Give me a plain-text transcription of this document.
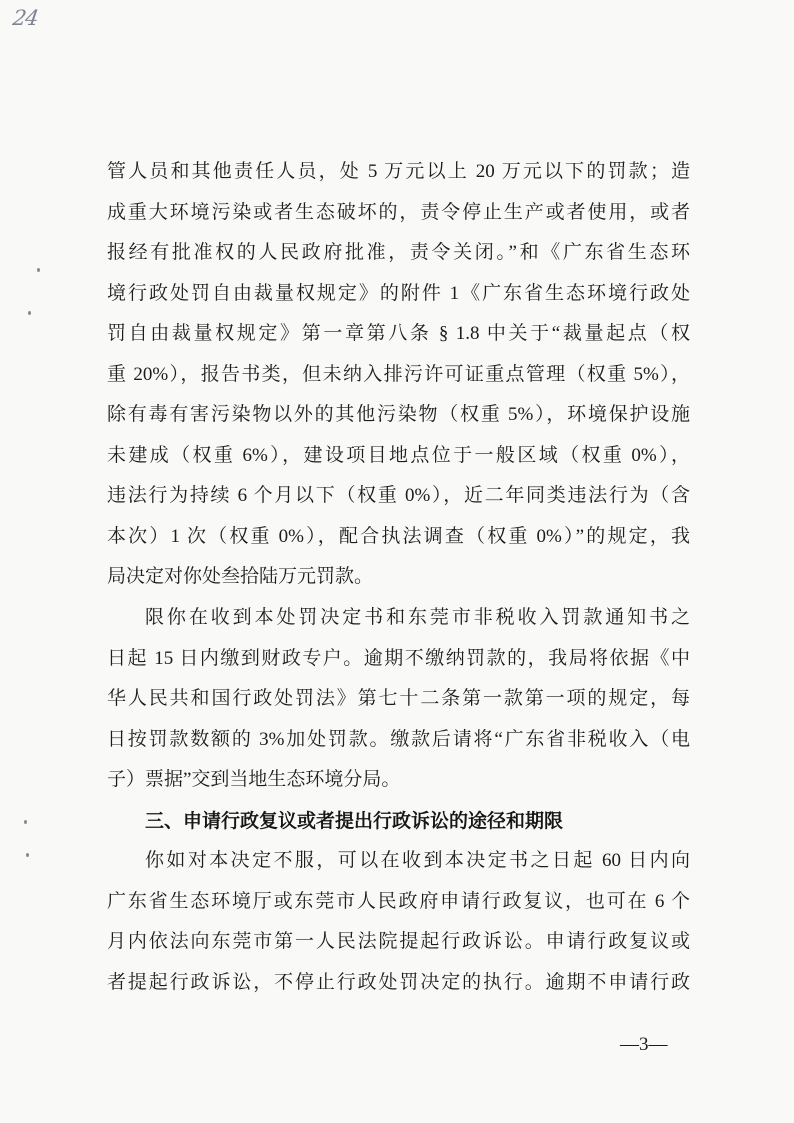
24
管人员和其他责任人员，处 5 万元以上 20 万元以下的罚款；造
成重大环境污染或者生态破坏的，责令停止生产或者使用，或者
报经有批准权的人民政府批准，责令关闭。”和《广东省生态环
境行政处罚自由裁量权规定》的附件 1《广东省生态环境行政处
罚自由裁量权规定》第一章第八条 § 1.8 中关于“裁量起点（权
重 20%），报告书类，但未纳入排污许可证重点管理（权重 5%），
除有毒有害污染物以外的其他污染物（权重 5%），环境保护设施
未建成（权重 6%），建设项目地点位于一般区域（权重 0%），
违法行为持续 6 个月以下（权重 0%），近二年同类违法行为（含
本次）1 次（权重 0%），配合执法调查（权重 0%）”的规定，我
局决定对你处叁拾陆万元罚款。
限你在收到本处罚决定书和东莞市非税收入罚款通知书之
日起 15 日内缴到财政专户。逾期不缴纳罚款的，我局将依据《中
华人民共和国行政处罚法》第七十二条第一款第一项的规定，每
日按罚款数额的 3%加处罚款。缴款后请将“广东省非税收入（电
子）票据”交到当地生态环境分局。
三、申请行政复议或者提出行政诉讼的途径和期限
你如对本决定不服，可以在收到本决定书之日起 60 日内向
广东省生态环境厅或东莞市人民政府申请行政复议，也可在 6 个
月内依法向东莞市第一人民法院提起行政诉讼。申请行政复议或
者提起行政诉讼，不停止行政处罚决定的执行。逾期不申请行政
—3—
